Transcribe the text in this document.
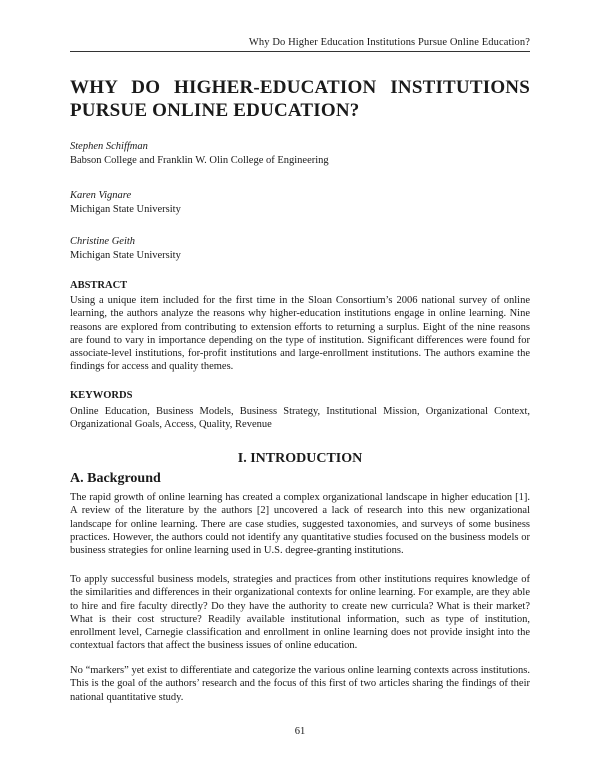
Why Do Higher Education Institutions Pursue Online Education?
WHY DO HIGHER-EDUCATION INSTITUTIONS PURSUE ONLINE EDUCATION?
Stephen Schiffman
Babson College and Franklin W. Olin College of Engineering
Karen Vignare
Michigan State University
Christine Geith
Michigan State University
ABSTRACT

Using a unique item included for the first time in the Sloan Consortium’s 2006 national survey of online learning, the authors analyze the reasons why higher-education institutions engage in online learning. Nine reasons are explored from contributing to extension efforts to returning a surplus. Eight of the nine reasons are found to vary in importance depending on the type of institution. Significant differences were found for associate-level institutions, for-profit institutions and large-enrollment institutions. The authors examine the findings for access and quality themes.

KEYWORDS

Online Education, Business Models, Business Strategy, Institutional Mission, Organizational Context, Organizational Goals, Access, Quality, Revenue

I. INTRODUCTION
A. Background

The rapid growth of online learning has created a complex organizational landscape in higher education [1]. A review of the literature by the authors [2] uncovered a lack of research into this new organizational landscape for online learning. There are case studies, suggested taxonomies, and surveys of some business practices. However, the authors could not identify any quantitative studies focused on the business models or business strategies for online learning used in U.S. degree-granting institutions.

To apply successful business models, strategies and practices from other institutions requires knowledge of the similarities and differences in their organizational contexts for online learning. For example, are they able to hire and fire faculty directly? Do they have the authority to create new curricula? What is their market? What is their cost structure? Readily available institutional information, such as type of institution, enrollment level, Carnegie classification and enrollment in online learning does not provide insight into the contextual factors that affect the business issues of online education.

No “markers” yet exist to differentiate and categorize the various online learning contexts across institutions. This is the goal of the authors’ research and the focus of this first of two articles sharing the findings of their national quantitative study.

61
